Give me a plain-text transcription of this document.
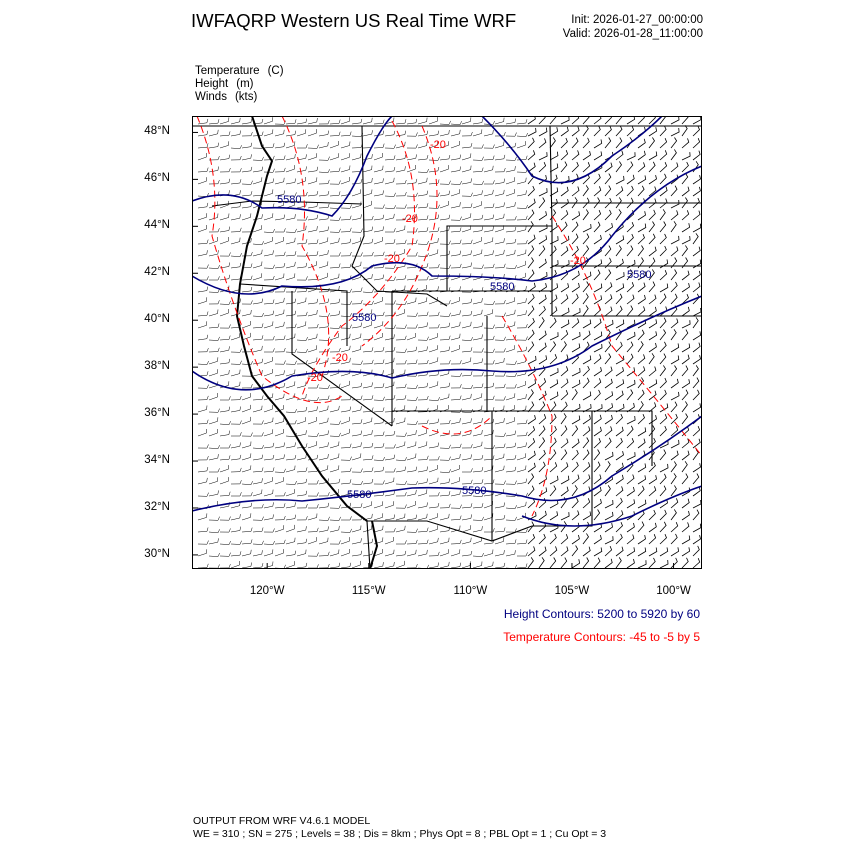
IWFAQRP Western US Real Time WRF	Init: 2026-01-27_00:00:00
Valid: 2026-01-28_11:00:00
Temperature (C)
Height (m)
Winds (kts)
5580
5580
5580
5580
5580	5580
-20
-20
-20	-20
-20
-20
48°N
46°N
44°N
42°N
40°N
38°N
36°N
34°N
32°N
30°N
120°W	115°W	110°W	105°W	100°W
Height Contours: 5200 to 5920 by 60
Temperature Contours: -45 to -5 by 5
OUTPUT FROM WRF V4.6.1 MODEL
WE = 310 ; SN = 275 ; Levels = 38 ; Dis = 8km ; Phys Opt = 8 ; PBL Opt = 1 ; Cu Opt = 3
